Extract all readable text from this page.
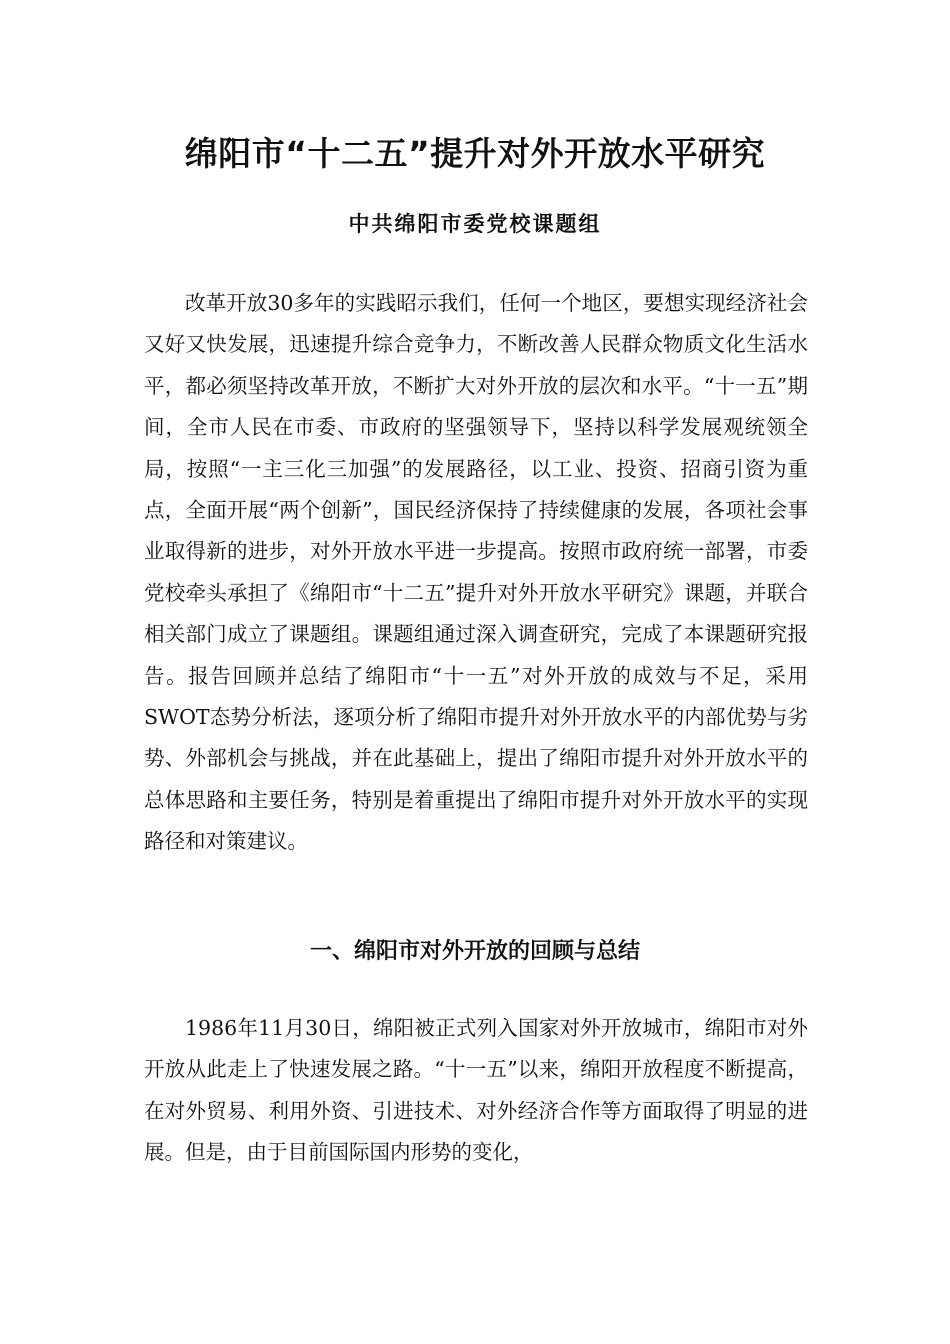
绵阳市“十二五”提升对外开放水平研究
中共绵阳市委党校课题组

改革开放30多年的实践昭示我们，任何一个地区，要想实现经济社会又好又快发展，迅速提升综合竞争力，不断改善人民群众物质文化生活水平，都必须坚持改革开放，不断扩大对外开放的层次和水平。“十一五”期间，全市人民在市委、市政府的坚强领导下，坚持以科学发展观统领全局，按照“一主三化三加强”的发展路径，以工业、投资、招商引资为重点，全面开展“两个创新”，国民经济保持了持续健康的发展，各项社会事业取得新的进步，对外开放水平进一步提高。按照市政府统一部署，市委党校牵头承担了《绵阳市“十二五”提升对外开放水平研究》课题，并联合相关部门成立了课题组。课题组通过深入调查研究，完成了本课题研究报告。报告回顾并总结了绵阳市“十一五”对外开放的成效与不足，采用SWOT态势分析法，逐项分析了绵阳市提升对外开放水平的内部优势与劣势、外部机会与挑战，并在此基础上，提出了绵阳市提升对外开放水平的总体思路和主要任务，特别是着重提出了绵阳市提升对外开放水平的实现路径和对策建议。

一、绵阳市对外开放的回顾与总结

1986年11月30日，绵阳被正式列入国家对外开放城市，绵阳市对外开放从此走上了快速发展之路。“十一五”以来，绵阳开放程度不断提高，在对外贸易、利用外资、引进技术、对外经济合作等方面取得了明显的进展。但是，由于目前国际国内形势的变化，
